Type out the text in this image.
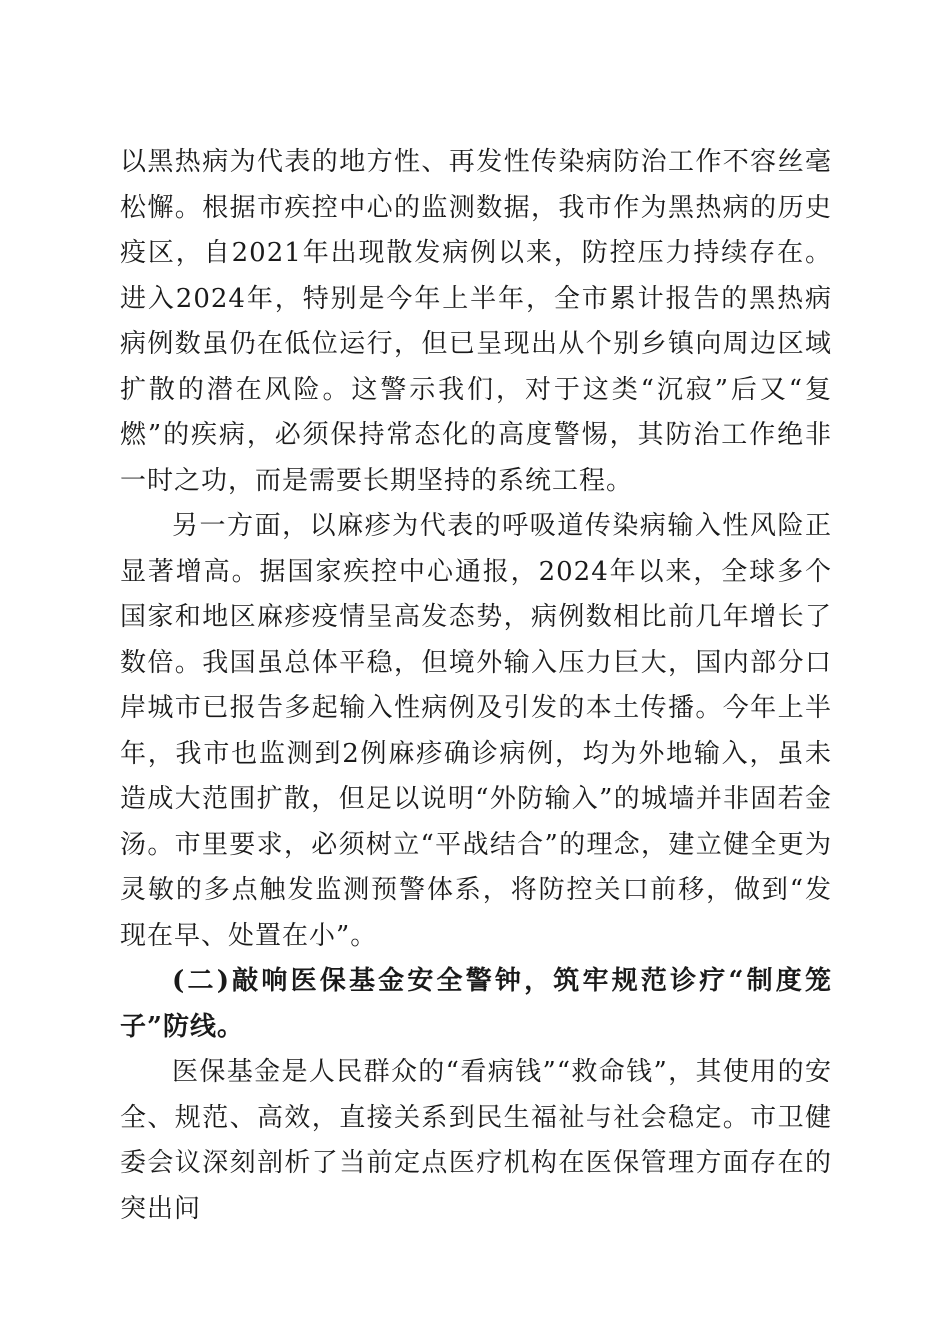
以黑热病为代表的地方性、再发性传染病防治工作不容丝毫松懈。根据市疾控中心的监测数据，我市作为黑热病的历史疫区，自2021年出现散发病例以来，防控压力持续存在。进入2024年，特别是今年上半年，全市累计报告的黑热病病例数虽仍在低位运行，但已呈现出从个别乡镇向周边区域扩散的潜在风险。这警示我们，对于这类“沉寂”后又“复燃”的疾病，必须保持常态化的高度警惕，其防治工作绝非一时之功，而是需要长期坚持的系统工程。

另一方面，以麻疹为代表的呼吸道传染病输入性风险正显著增高。据国家疾控中心通报，2024年以来，全球多个国家和地区麻疹疫情呈高发态势，病例数相比前几年增长了数倍。我国虽总体平稳，但境外输入压力巨大，国内部分口岸城市已报告多起输入性病例及引发的本土传播。今年上半年，我市也监测到2例麻疹确诊病例，均为外地输入，虽未造成大范围扩散，但足以说明“外防输入”的城墙并非固若金汤。市里要求，必须树立“平战结合”的理念，建立健全更为灵敏的多点触发监测预警体系，将防控关口前移，做到“发现在早、处置在小”。

(二)敲响医保基金安全警钟，筑牢规范诊疗“制度笼子”防线。

医保基金是人民群众的“看病钱”“救命钱”，其使用的安全、规范、高效，直接关系到民生福祉与社会稳定。市卫健委会议深刻剖析了当前定点医疗机构在医保管理方面存在的突出问
